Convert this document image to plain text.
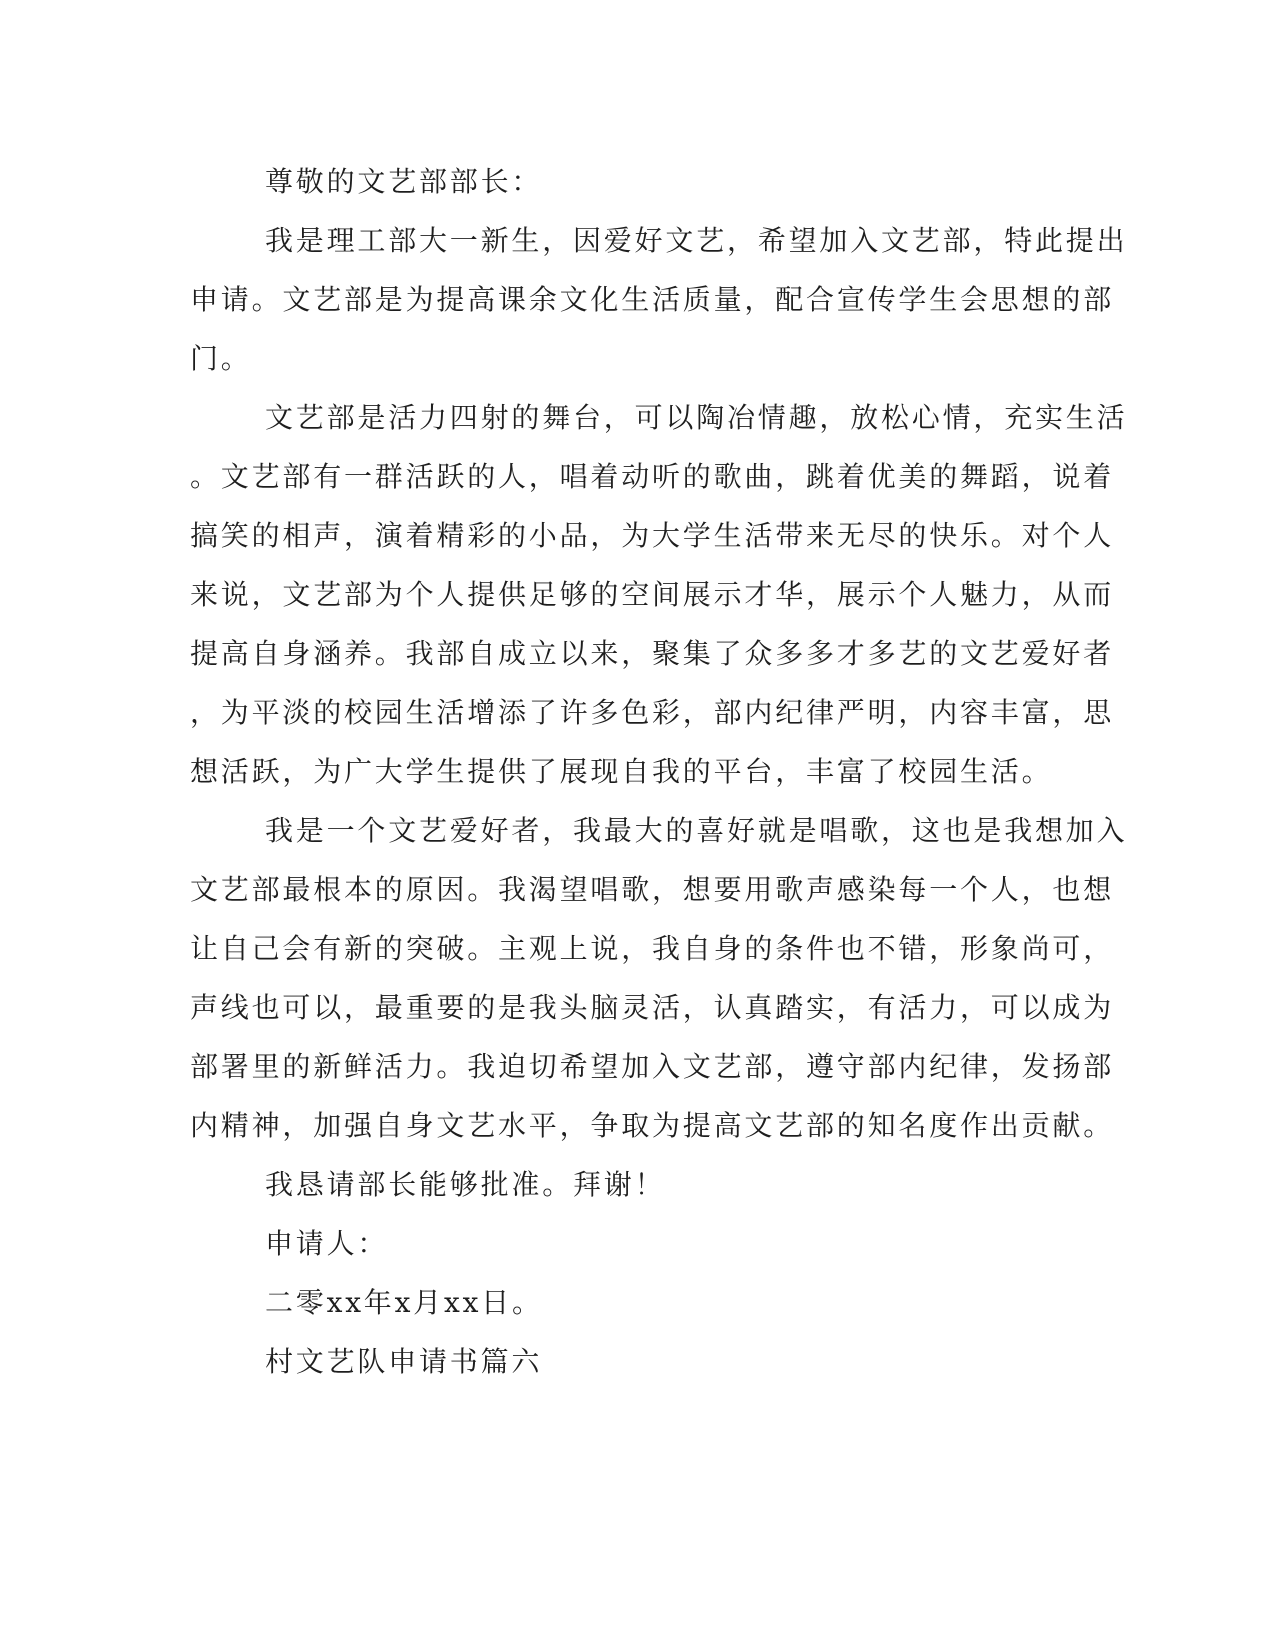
尊敬的文艺部部长：

我是理工部大一新生，因爱好文艺，希望加入文艺部，特此提出

申请。文艺部是为提高课余文化生活质量，配合宣传学生会思想的部

门。

文艺部是活力四射的舞台，可以陶冶情趣，放松心情，充实生活

。文艺部有一群活跃的人，唱着动听的歌曲，跳着优美的舞蹈，说着

搞笑的相声，演着精彩的小品，为大学生活带来无尽的快乐。对个人

来说，文艺部为个人提供足够的空间展示才华，展示个人魅力，从而

提高自身涵养。我部自成立以来，聚集了众多多才多艺的文艺爱好者

，为平淡的校园生活增添了许多色彩，部内纪律严明，内容丰富，思

想活跃，为广大学生提供了展现自我的平台，丰富了校园生活。

我是一个文艺爱好者，我最大的喜好就是唱歌，这也是我想加入

文艺部最根本的原因。我渴望唱歌，想要用歌声感染每一个人，也想

让自己会有新的突破。主观上说，我自身的条件也不错，形象尚可，

声线也可以，最重要的是我头脑灵活，认真踏实，有活力，可以成为

部署里的新鲜活力。我迫切希望加入文艺部，遵守部内纪律，发扬部

内精神，加强自身文艺水平，争取为提高文艺部的知名度作出贡献。

我恳请部长能够批准。拜谢！

申请人：

二零xx年x月xx日。

村文艺队申请书篇六
